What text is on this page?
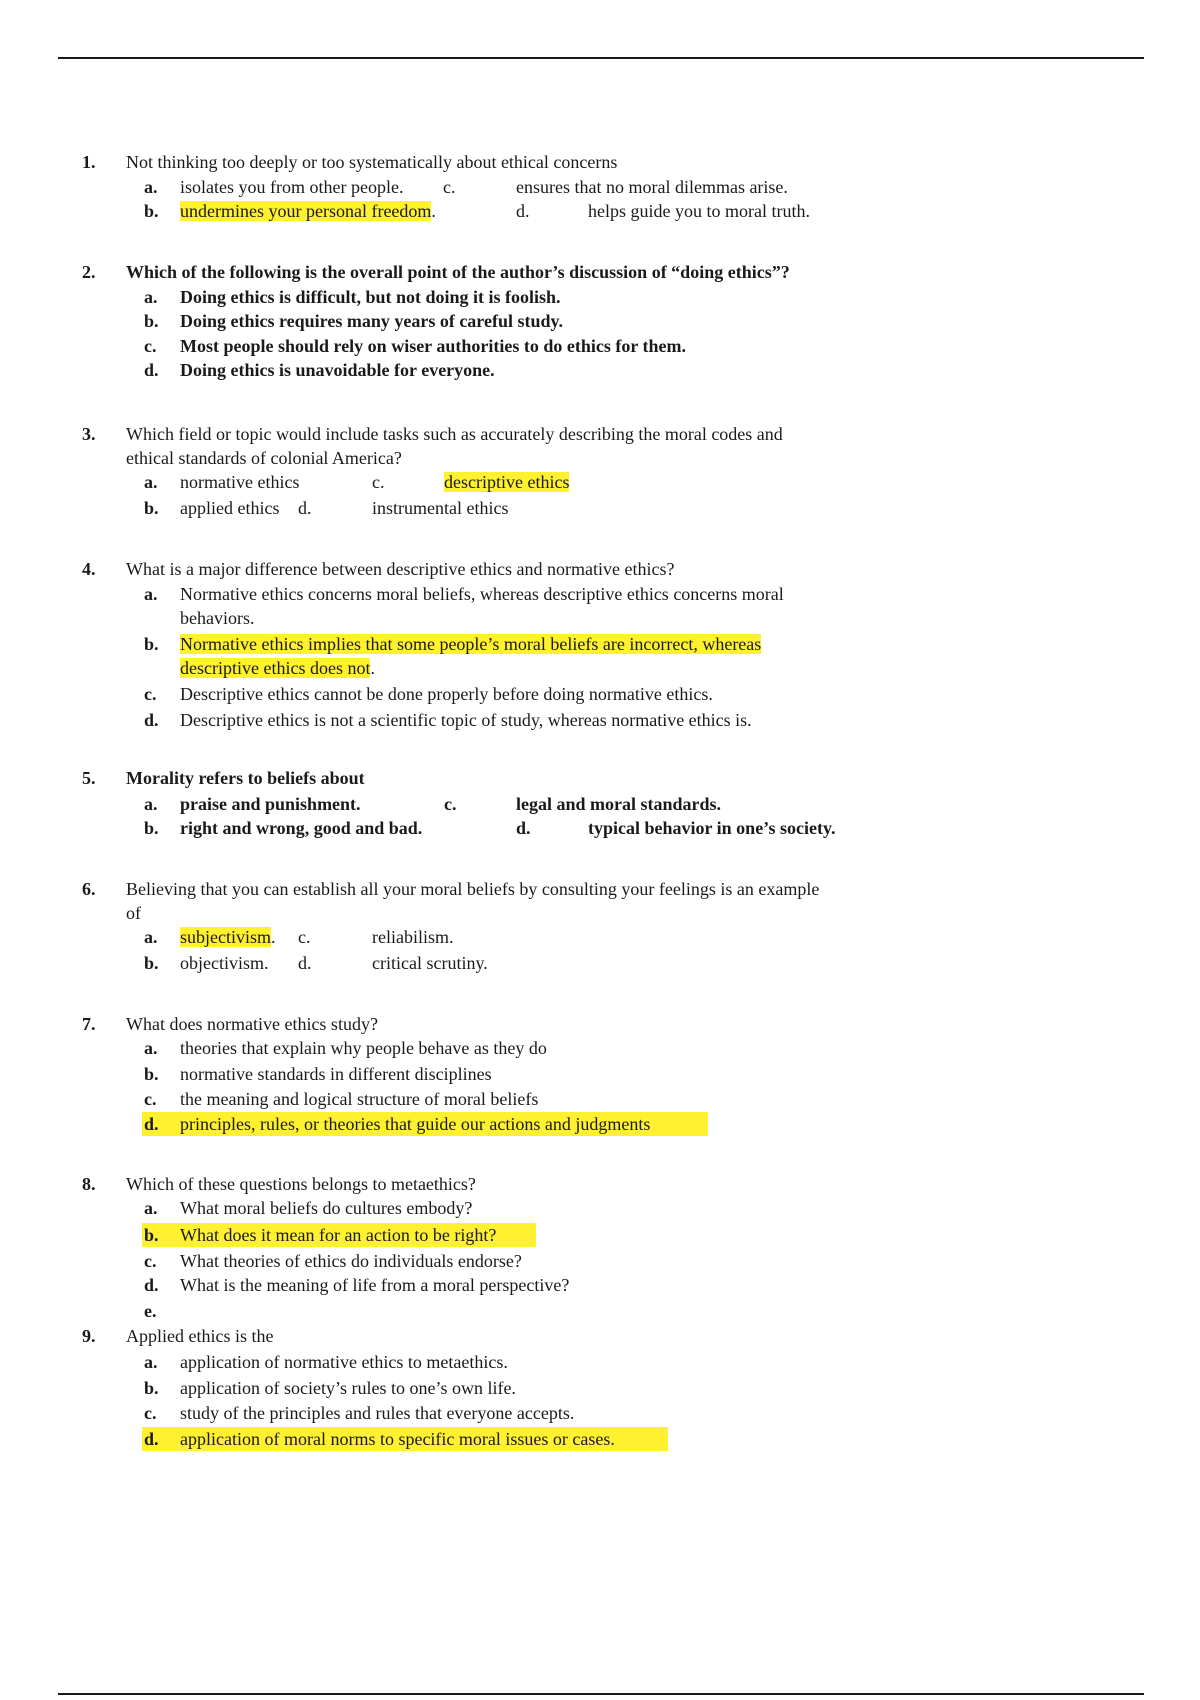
1. Not thinking too deeply or too systematically about ethical concerns
a. isolates you from other people. c.	ensures that no moral dilemmas arise.
b. undermines your personal freedom.	d.	helps guide you to moral truth.
2. Which of the following is the overall point of the author’s discussion of “doing ethics”?
a. Doing ethics is difficult, but not doing it is foolish.
b. Doing ethics requires many years of careful study.
c. Most people should rely on wiser authorities to do ethics for them.
d. Doing ethics is unavoidable for everyone.
3. Which field or topic would include tasks such as accurately describing the moral codes and
ethical standards of colonial America?
a. normative ethics	c.	descriptive ethics
b. applied ethics d.	instrumental ethics
4. What is a major difference between descriptive ethics and normative ethics?
a. Normative ethics concerns moral beliefs, whereas descriptive ethics concerns moral
behaviors.
b. Normative ethics implies that some people’s moral beliefs are incorrect, whereas
descriptive ethics does not.
c. Descriptive ethics cannot be done properly before doing normative ethics.
d. Descriptive ethics is not a scientific topic of study, whereas normative ethics is.
5. Morality refers to beliefs about
a. praise and punishment.	c.	legal and moral standards.
b. right and wrong, good and bad.	d.	typical behavior in one’s society.
6. Believing that you can establish all your moral beliefs by consulting your feelings is an example
of
a. subjectivism. c.	reliabilism.
b. objectivism. d.	critical scrutiny.
7. What does normative ethics study?
a. theories that explain why people behave as they do
b. normative standards in different disciplines
c. the meaning and logical structure of moral beliefs
d. principles, rules, or theories that guide our actions and judgments
8. Which of these questions belongs to metaethics?
a. What moral beliefs do cultures embody?
b. What does it mean for an action to be right?
c. What theories of ethics do individuals endorse?
d. What is the meaning of life from a moral perspective?
e.
9. Applied ethics is the
a. application of normative ethics to metaethics.
b. application of society’s rules to one’s own life.
c. study of the principles and rules that everyone accepts.
d. application of moral norms to specific moral issues or cases.
